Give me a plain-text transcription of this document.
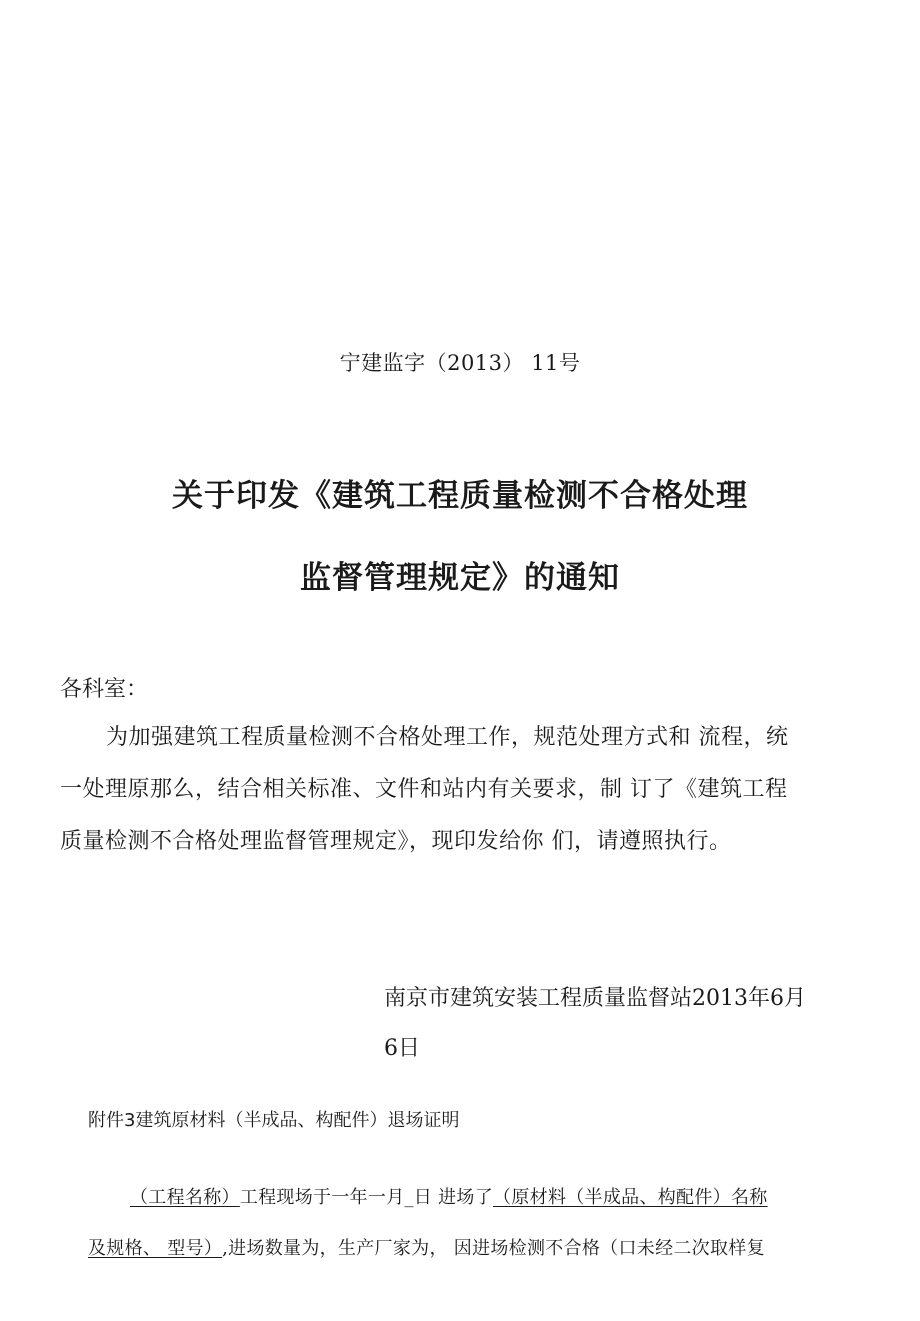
宁建监字（2013） 11号
关于印发《建筑工程质量检测不合格处理
监督管理规定》的通知
各科室：
为加强建筑工程质量检测不合格处理工作，规范处理方式和 流程，统
一处理原那么，结合相关标准、文件和站内有关要求，制 订了《建筑工程
质量检测不合格处理监督管理规定》，现印发给你 们，请遵照执行。
南京市建筑安装工程质量监督站2013年6月
6日
附件3建筑原材料（半成品、构配件）退场证明
（工程名称）工程现场于一年一月_日 进场了（原材料（半成品、构配件）名称
及规格、 型号）,进场数量为，生产厂家为， 因进场检测不合格（口未经二次取样复
